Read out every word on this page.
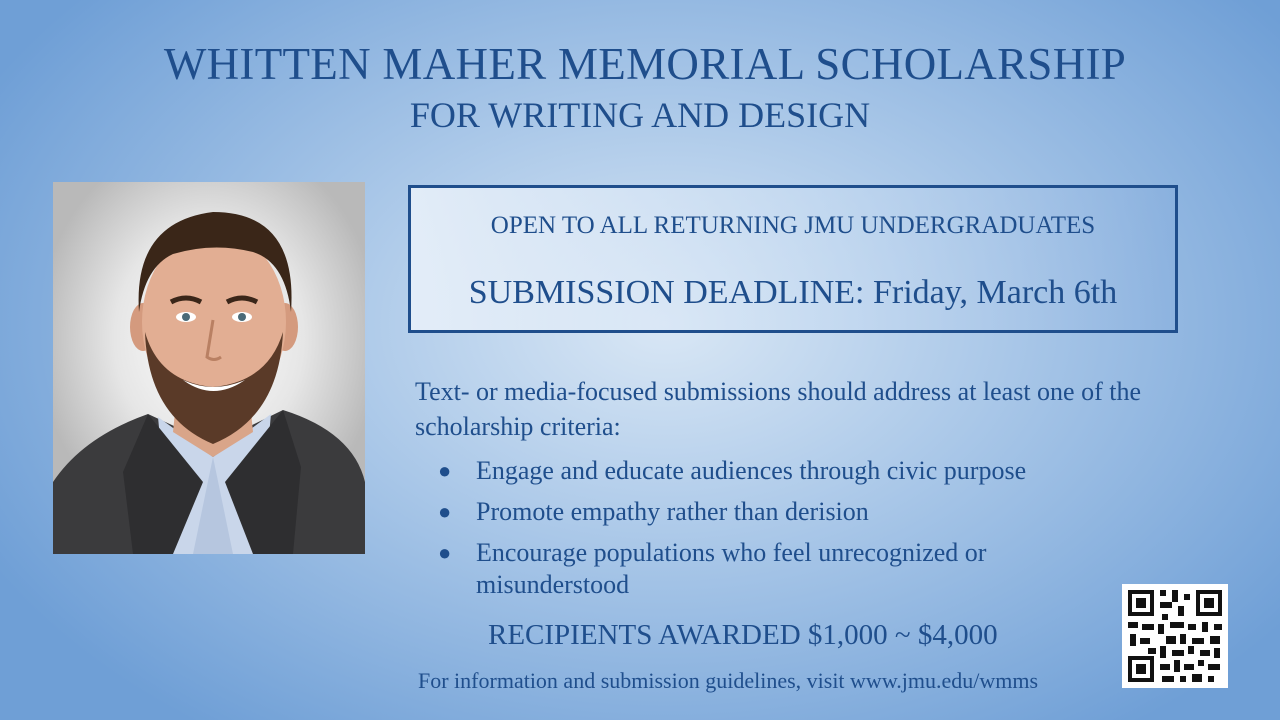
WHITTEN MAHER MEMORIAL SCHOLARSHIP
FOR WRITING AND DESIGN
OPEN TO ALL RETURNING JMU UNDERGRADUATES
SUBMISSION DEADLINE: Friday, March 6th
Text- or media-focused submissions should address at least one of the scholarship criteria:
● Engage and educate audiences through civic purpose
● Promote empathy rather than derision
● Encourage populations who feel unrecognized or misunderstood
RECIPIENTS AWARDED $1,000 ~ $4,000
For information and submission guidelines, visit www.jmu.edu/wmms
